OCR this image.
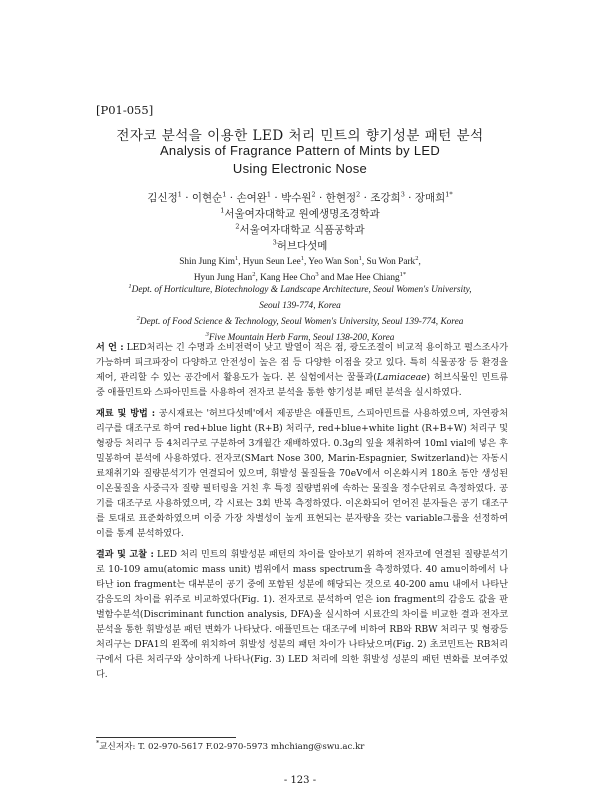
[P01-055]
전자코 분석을 이용한 LED 처리 민트의 향기성분 패턴 분석
Analysis of Fragrance Pattern of Mints by LED
Using Electronic Nose
김신정$^1$ · 이현순$^1$ · 손여완$^1$ · 박수원$^2$ · 한현정$^2$ · 조강희$^3$ · 장매희$^{1*}$
$^1$서울여자대학교 원예생명조경학과
$^2$서울여자대학교 식품공학과
$^3$허브다섯메
Shin Jung Kim$^1$, Hyun Seun Lee$^1$, Yeo Wan Son$^1$, Su Won Park$^2$,
Hyun Jung Han$^2$, Kang Hee Cho$^3$ and Mae Hee Chiang$^{1*}$
$^1$Dept. of Horticulture, Biotechnology & Landscape Architecture, Seoul Women's University,
Seoul 139-774, Korea
$^2$Dept. of Food Science & Technology, Seoul Women's University, Seoul 139-774, Korea
$^3$Five Mountain Herb Farm, Seoul 138-200, Korea

서 언 : LED처리는 긴 수명과 소비전력이 낮고 발열이 적은 점, 광도조절이 비교적 용이하고 펄스조사가 가능하며 피크파장이 다양하고 안전성이 높은 점 등 다양한 이점을 갖고 있다. 특히 식물공장 등 환경을 제어, 관리할 수 있는 공간에서 활용도가 높다. 본 실험에서는 꿀풀과(Lamiaceae) 허브식물인 민트류 중 애플민트와 스파아민트를 사용하여 전자코 분석을 통한 향기성분 패턴 분석을 실시하였다.

재료 및 방법 : 공시재료는 '허브다섯메'에서 제공받은 애플민트, 스피아민트를 사용하였으며, 자연광처리구를 대조구로 하여 red+blue light (R+B) 처리구, red+blue+white light (R+B+W) 처리구 및 형광등 처리구 등 4처리구로 구분하여 3개월간 재배하였다. 0.3g의 잎을 채취하여 10ml vial에 넣은 후 밀봉하여 분석에 사용하였다. 전자코(SMart Nose 300, Marin-Espagnier, Switzerland)는 자동시료채취기와 질량분석기가 연결되어 있으며, 휘발성 물질들을 70eV에서 이온화시켜 180초 동안 생성된 이온물질을 사중극자 질량 필터링을 거친 후 특정 질량범위에 속하는 물질을 정수단위로 측정하였다. 공기를 대조구로 사용하였으며, 각 시료는 3회 반복 측정하였다. 이온화되어 얻어진 분자들은 공기 대조구를 토대로 표준화하였으며 이중 가장 차별성이 높게 표현되는 분자량을 갖는 variable그룹을 선정하여 이를 통계 분석하였다.

결과 및 고찰 : LED 처리 민트의 휘발성분 패턴의 차이를 알아보기 위하여 전자코에 연결된 질량분석기로 10-109 amu(atomic mass unit) 범위에서 mass spectrum을 측정하였다. 40 amu이하에서 나타난 ion fragment는 대부분이 공기 중에 포함된 성분에 해당되는 것으로 40-200 amu 내에서 나타난 감응도의 차이를 위주로 비교하였다(Fig. 1). 전자코로 분석하여 얻은 ion fragment의 감응도 값을 판별함수분석(Discriminant function analysis, DFA)을 실시하여 시료간의 차이를 비교한 결과 전자코 분석을 통한 휘발성분 패턴 변화가 나타났다. 애플민트는 대조구에 비하여 RB와 RBW 처리구 및 형광등 처리구는 DFA1의 왼쪽에 위치하여 휘발성 성분의 패턴 차이가 나타났으며(Fig. 2) 초코민트는 RB처리구에서 다른 처리구와 상이하게 나타나(Fig. 3) LED 처리에 의한 휘발성 성분의 패턴 변화를 보여주었다.

*교신저자: T. 02-970-5617 F.02-970-5973 mhchiang@swu.ac.kr
- 123 -
